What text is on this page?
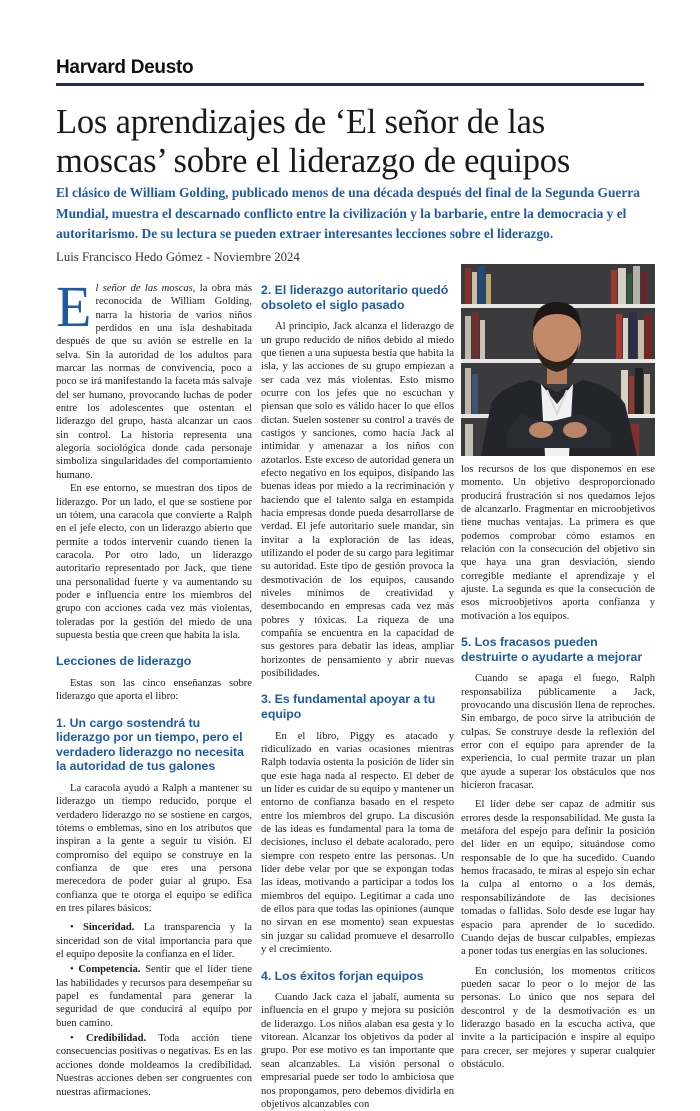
Harvard Deusto
Los aprendizajes de ‘El señor de las moscas’ sobre el liderazgo de equipos

El clásico de William Golding, publicado menos de una década después del final de la Segunda Guerra Mundial, muestra el descarnado conflicto entre la civilización y la barbarie, entre la democracia y el autoritarismo. De su lectura se pueden extraer interesantes lecciones sobre el liderazgo.

Luis Francisco Hedo Gómez - Noviembre 2024

El señor de las moscas, la obra más reconocida de William Golding, narra la historia de varios niños perdidos en una isla deshabitada después de que su avión se estrelle en la selva. Sin la autoridad de los adultos para marcar las normas de convivencia, poco a poco se irá manifestando la faceta más salvaje del ser humano, provocando luchas de poder entre los adolescentes que ostentan el liderazgo del grupo, hasta alcanzar un caos sin control. La historia representa una alegoría sociológica donde cada personaje simboliza singularidades del comportamiento humano.

En ese entorno, se muestran dos tipos de liderazgo. Por un lado, el que se sostiene por un tótem, una caracola que convierte a Ralph en el jefe electo, con un liderazgo abierto que permite a todos intervenir cuando tienen la caracola. Por otro lado, un liderazgo autoritario representado por Jack, que tiene una personalidad fuerte y va aumentando su poder e influencia entre los miembros del grupo con acciones cada vez más violentas, toleradas por la gestión del miedo de una supuesta bestia que creen que habita la isla.

Lecciones de liderazgo

Estas son las cinco enseñanzas sobre liderazgo que aporta el libro:

1. Un cargo sostendrá tu liderazgo por un tiempo, pero el verdadero liderazgo no necesita la autoridad de tus galones

La caracola ayudó a Ralph a mantener su liderazgo un tiempo reducido, porque el verdadero liderazgo no se sostiene en cargos, tótems o emblemas, sino en los atributos que inspiran a la gente a seguir tu visión. El compromiso del equipo se construye en la confianza de que eres una persona merecedora de poder guiar al grupo. Esa confianza que te otorga el equipo se edifica en tres pilares básicos:

• Sinceridad. La transparencia y la sinceridad son de vital importancia para que el equipo deposite la confianza en el líder.

• Competencia. Sentir que el líder tiene las habilidades y recursos para desempeñar su papel es fundamental para generar la seguridad de que conducirá al equipo por buen camino.

• Credibilidad. Toda acción tiene consecuencias positivas o negativas. Es en las acciones donde moldeamos la credibilidad. Nuestras acciones deben ser congruentes con nuestras afirmaciones.

2. El liderazgo autoritario quedó obsoleto el siglo pasado

Al principio, Jack alcanza el liderazgo de un grupo reducido de niños debido al miedo que tienen a una supuesta bestia que habita la isla, y las acciones de su grupo empiezan a ser cada vez más violentas. Esto mismo ocurre con los jefes que no escuchan y piensan que solo es válido hacer lo que ellos dictan. Suelen sostener su control a través de castigos y sanciones, como hacía Jack al intimidar y amenazar a los niños con azotarlos. Este exceso de autoridad genera un efecto negativo en los equipos, disipando las buenas ideas por miedo a la recriminación y haciendo que el talento salga en estampida hacia empresas donde pueda desarrollarse de verdad. El jefe autoritario suele mandar, sin invitar a la exploración de las ideas, utilizando el poder de su cargo para legitimar su autoridad. Este tipo de gestión provoca la desmotivación de los equipos, causando niveles mínimos de creatividad y desembocando en empresas cada vez más pobres y tóxicas. La riqueza de una compañía se encuentra en la capacidad de sus gestores para debatir las ideas, ampliar horizontes de pensamiento y abrir nuevas posibilidades.

3. Es fundamental apoyar a tu equipo

En el libro, Piggy es atacado y ridiculizado en varias ocasiones mientras Ralph todavía ostenta la posición de líder sin que este haga nada al respecto. El deber de un líder es cuidar de su equipo y mantener un entorno de confianza basado en el respeto entre los miembros del grupo. La discusión de las ideas es fundamental para la toma de decisiones, incluso el debate acalorado, pero siempre con respeto entre las personas. Un líder debe velar por que se expongan todas las ideas, motivando a participar a todos los miembros del equipo. Legitimar a cada uno de ellos para que todas las opiniones (aunque no sirvan en ese momento) sean expuestas sin juzgar su calidad promueve el desarrollo y el crecimiento.

4. Los éxitos forjan equipos

Cuando Jack caza el jabalí, aumenta su influencia en el grupo y mejora su posición de liderazgo. Los niños alaban esa gesta y lo vitorean. Alcanzar los objetivos da poder al grupo. Por ese motivo es tan importante que sean alcanzables. La visión personal o empresarial puede ser todo lo ambiciosa que nos propongamos, pero debemos dividirla en objetivos alcanzables con

los recursos de los que disponemos en ese momento. Un objetivo desproporcionado producirá frustración si nos quedamos lejos de alcanzarlo. Fragmentar en microobjetivos tiene muchas ventajas. La primera es que podemos comprobar cómo estamos en relación con la consecución del objetivo sin que haya una gran desviación, siendo corregible mediante el aprendizaje y el ajuste. La segunda es que la consecución de esos microobjetivos aporta confianza y motivación a los equipos.

5. Los fracasos pueden destruirte o ayudarte a mejorar

Cuando se apaga el fuego, Ralph responsabiliza públicamente a Jack, provocando una discusión llena de reproches. Sin embargo, de poco sirve la atribución de culpas. Se construye desde la reflexión del error con el equipo para aprender de la experiencia, lo cual permite trazar un plan que ayude a superar los obstáculos que nos hicieron fracasar.

El líder debe ser capaz de admitir sus errores desde la responsabilidad. Me gusta la metáfora del espejo para definir la posición del líder en un equipo, situándose como responsable de lo que ha sucedido. Cuando hemos fracasado, te miras al espejo sin echar la culpa al entorno o a los demás, responsabilizándote de las decisiones tomadas o fallidas. Solo desde ese lugar hay espacio para aprender de lo sucedido. Cuando dejas de buscar culpables, empiezas a poner todas tus energías en las soluciones.

En conclusión, los momentos críticos pueden sacar lo peor o lo mejor de las personas. Lo único que nos separa del descontrol y de la desmotivación es un liderazgo basado en la escucha activa, que invite a la participación e inspire al equipo para crecer, ser mejores y superar cualquier obstáculo.
